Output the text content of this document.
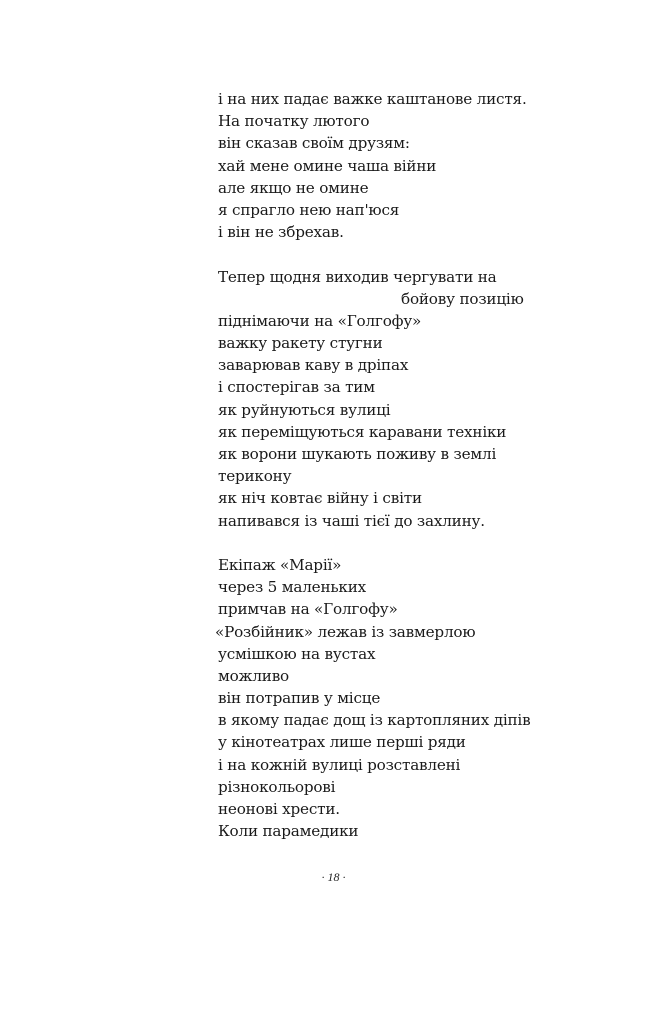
і на них падає важке каштанове листя.
На початку лютого
він сказав своїм друзям:
хай мене омине чаша війни
але якщо не омине
я спрагло нею нап'юся
і він не збрехав.
Тепер щодня виходив чергувати на
бойову позицію
піднімаючи на «Голгофу»
важку ракету стугни
заварював каву в дріпах
і спостерігав за тим
як руйнуються вулиці
як переміщуються каравани техніки
як ворони шукають поживу в землі
терикону
як ніч ковтає війну і світи
напивався із чаші тієї до захлину.
Екіпаж «Марії»
через 5 маленьких
примчав на «Голгофу»
«Розбійник» лежав із завмерлою
усмішкою на вустах
можливо
він потрапив у місце
в якому падає дощ із картопляних діпів
у кінотеатрах лише перші ряди
і на кожній вулиці розставлені
різнокольорові
неонові хрести.
Коли парамедики
· 18 ·
